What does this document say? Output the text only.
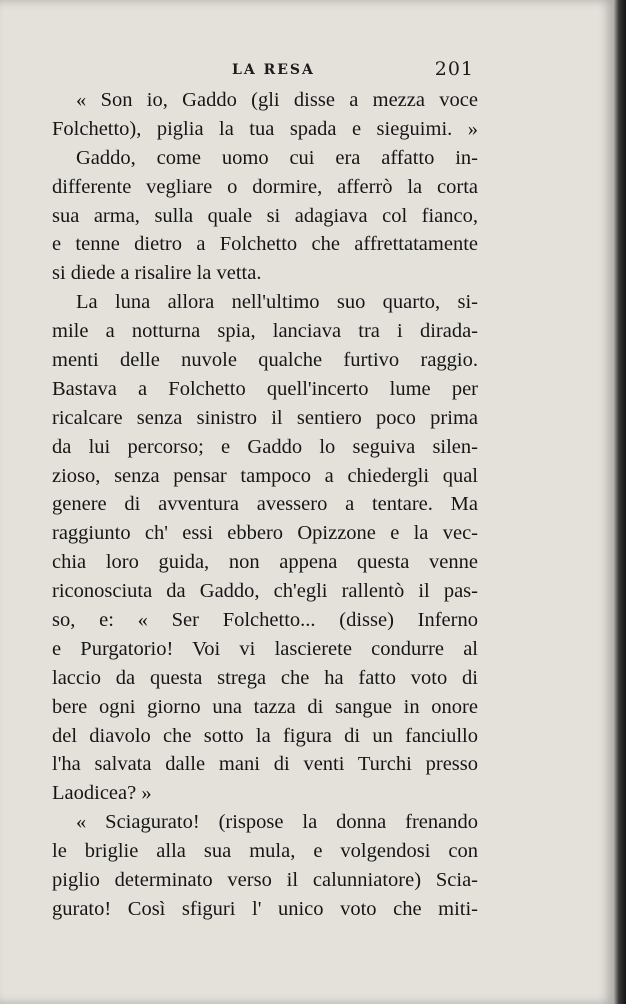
LA RESA	201
« Son io, Gaddo (gli disse a mezza voce
Folchetto), piglia la tua spada e sieguimi. »
Gaddo, come uomo cui era affatto in-
differente vegliare o dormire, afferrò la corta
sua arma, sulla quale si adagiava col fianco,
e tenne dietro a Folchetto che affrettatamente
si diede a risalire la vetta.
La luna allora nell'ultimo suo quarto, si-
mile a notturna spia, lanciava tra i dirada-
menti delle nuvole qualche furtivo raggio.
Bastava a Folchetto quell'incerto lume per
ricalcare senza sinistro il sentiero poco prima
da lui percorso; e Gaddo lo seguiva silen-
zioso, senza pensar tampoco a chiedergli qual
genere di avventura avessero a tentare. Ma
raggiunto ch' essi ebbero Opizzone e la vec-
chia loro guida, non appena questa venne
riconosciuta da Gaddo, ch'egli rallentò il pas-
so, e: « Ser Folchetto... (disse) Inferno
e Purgatorio! Voi vi lascierete condurre al
laccio da questa strega che ha fatto voto di
bere ogni giorno una tazza di sangue in onore
del diavolo che sotto la figura di un fanciullo
l'ha salvata dalle mani di venti Turchi presso
Laodicea? »
« Sciagurato! (rispose la donna frenando
le briglie alla sua mula, e volgendosi con
piglio determinato verso il calunniatore) Scia-
gurato! Così sfiguri l' unico voto che miti-
